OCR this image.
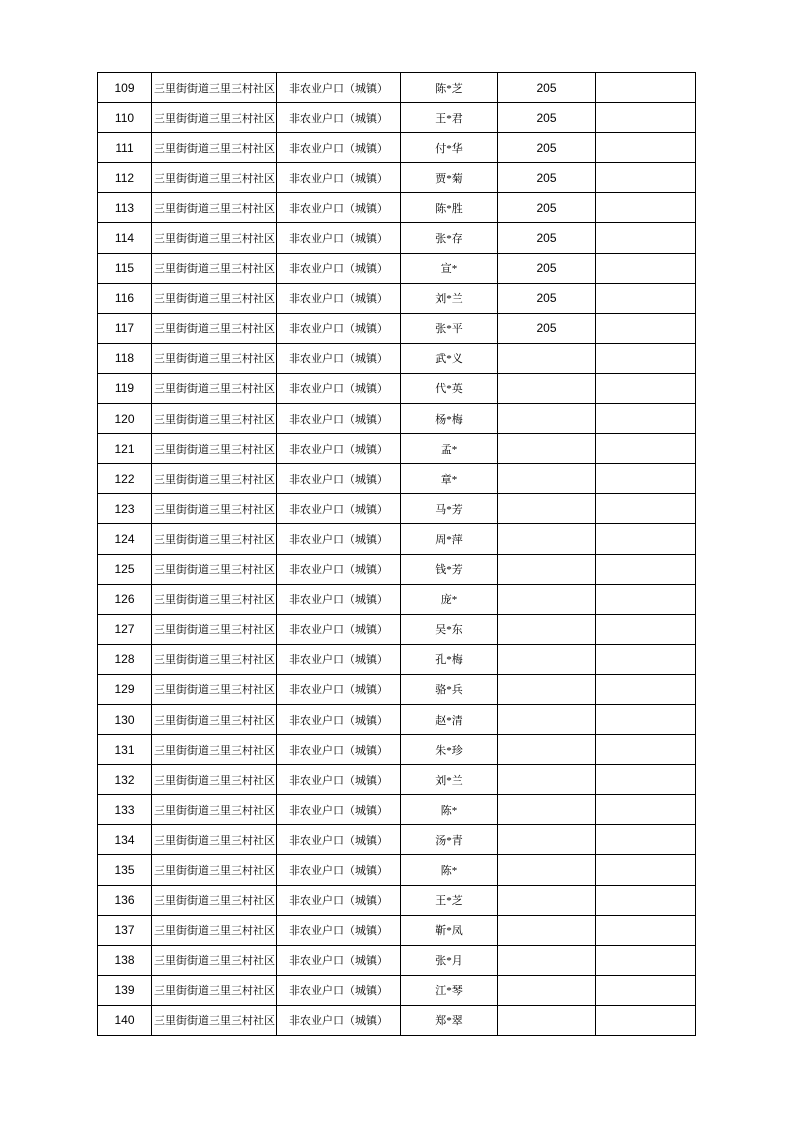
109	三里街街道三里三村社区	非农业户口（城镇）	陈*芝	205	
110	三里街街道三里三村社区	非农业户口（城镇）	王*君	205	
111	三里街街道三里三村社区	非农业户口（城镇）	付*华	205	
112	三里街街道三里三村社区	非农业户口（城镇）	贾*菊	205	
113	三里街街道三里三村社区	非农业户口（城镇）	陈*胜	205	
114	三里街街道三里三村社区	非农业户口（城镇）	张*存	205	
115	三里街街道三里三村社区	非农业户口（城镇）	宣*	205	
116	三里街街道三里三村社区	非农业户口（城镇）	刘*兰	205	
117	三里街街道三里三村社区	非农业户口（城镇）	张*平	205	
118	三里街街道三里三村社区	非农业户口（城镇）	武*义		
119	三里街街道三里三村社区	非农业户口（城镇）	代*英		
120	三里街街道三里三村社区	非农业户口（城镇）	杨*梅		
121	三里街街道三里三村社区	非农业户口（城镇）	孟*		
122	三里街街道三里三村社区	非农业户口（城镇）	章*		
123	三里街街道三里三村社区	非农业户口（城镇）	马*芳		
124	三里街街道三里三村社区	非农业户口（城镇）	周*萍		
125	三里街街道三里三村社区	非农业户口（城镇）	钱*芳		
126	三里街街道三里三村社区	非农业户口（城镇）	庞*		
127	三里街街道三里三村社区	非农业户口（城镇）	吴*东		
128	三里街街道三里三村社区	非农业户口（城镇）	孔*梅		
129	三里街街道三里三村社区	非农业户口（城镇）	骆*兵		
130	三里街街道三里三村社区	非农业户口（城镇）	赵*清		
131	三里街街道三里三村社区	非农业户口（城镇）	朱*珍		
132	三里街街道三里三村社区	非农业户口（城镇）	刘*兰		
133	三里街街道三里三村社区	非农业户口（城镇）	陈*		
134	三里街街道三里三村社区	非农业户口（城镇）	汤*青		
135	三里街街道三里三村社区	非农业户口（城镇）	陈*		
136	三里街街道三里三村社区	非农业户口（城镇）	王*芝		
137	三里街街道三里三村社区	非农业户口（城镇）	靳*凤		
138	三里街街道三里三村社区	非农业户口（城镇）	张*月		
139	三里街街道三里三村社区	非农业户口（城镇）	江*琴		
140	三里街街道三里三村社区	非农业户口（城镇）	郑*翠		
